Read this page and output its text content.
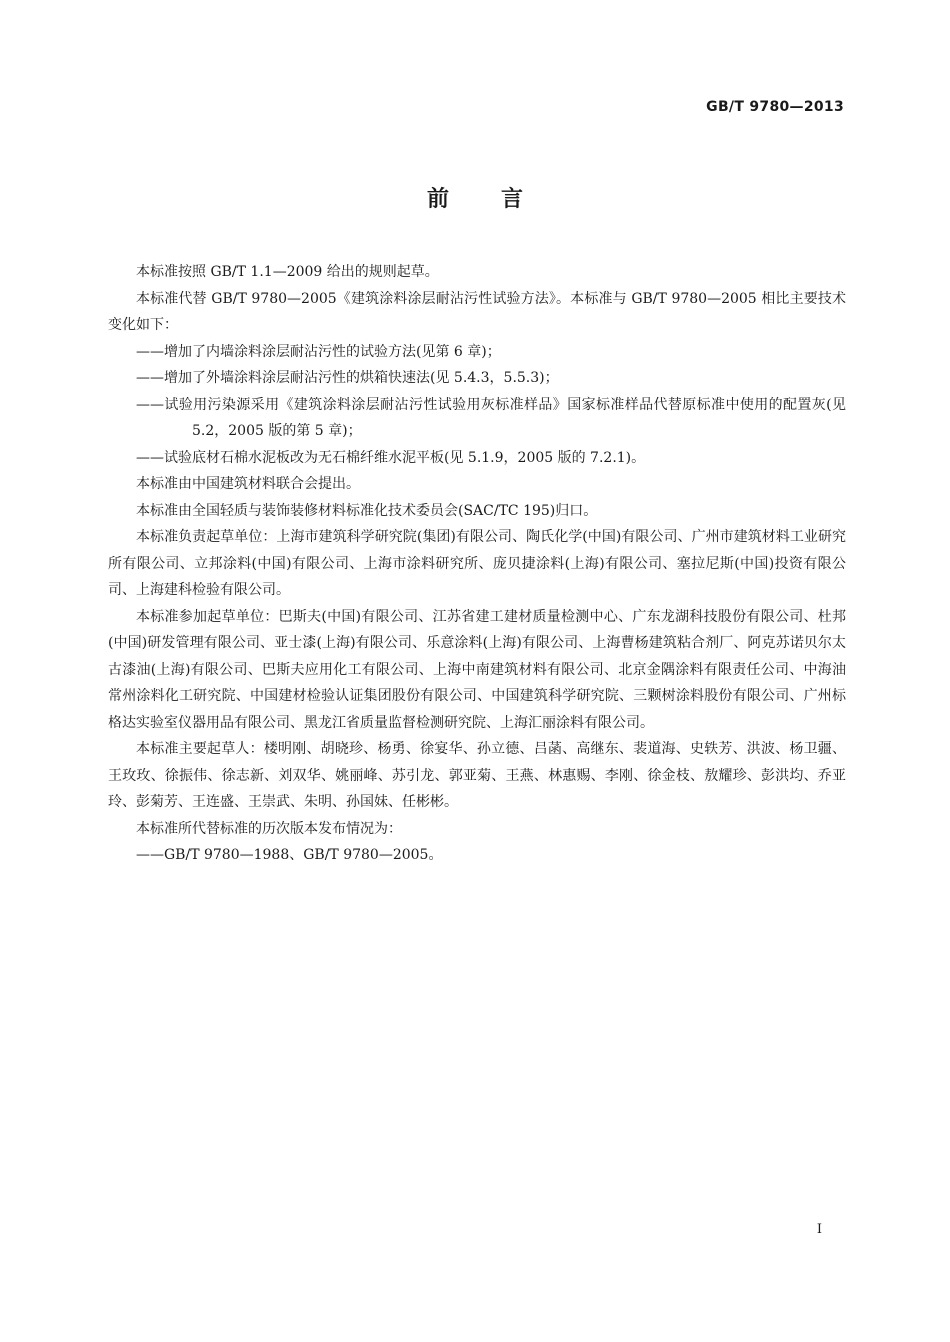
GB/T 9780—2013
前言

本标准按照 GB/T 1.1—2009 给出的规则起草。

本标准代替 GB/T 9780—2005《建筑涂料涂层耐沾污性试验方法》。本标准与 GB/T 9780—2005 相比主要技术变化如下：

——增加了内墙涂料涂层耐沾污性的试验方法(见第 6 章)；

——增加了外墙涂料涂层耐沾污性的烘箱快速法(见 5.4.3，5.5.3)；

——试验用污染源采用《建筑涂料涂层耐沾污性试验用灰标准样品》国家标准样品代替原标准中使用的配置灰(见 5.2，2005 版的第 5 章)；

——试验底材石棉水泥板改为无石棉纤维水泥平板(见 5.1.9，2005 版的 7.2.1)。

本标准由中国建筑材料联合会提出。

本标准由全国轻质与装饰装修材料标准化技术委员会(SAC/TC 195)归口。

本标准负责起草单位：上海市建筑科学研究院(集团)有限公司、陶氏化学(中国)有限公司、广州市建筑材料工业研究所有限公司、立邦涂料(中国)有限公司、上海市涂料研究所、庞贝捷涂料(上海)有限公司、塞拉尼斯(中国)投资有限公司、上海建科检验有限公司。

本标准参加起草单位：巴斯夫(中国)有限公司、江苏省建工建材质量检测中心、广东龙湖科技股份有限公司、杜邦(中国)研发管理有限公司、亚士漆(上海)有限公司、乐意涂料(上海)有限公司、上海曹杨建筑粘合剂厂、阿克苏诺贝尔太古漆油(上海)有限公司、巴斯夫应用化工有限公司、上海中南建筑材料有限公司、北京金隅涂料有限责任公司、中海油常州涂料化工研究院、中国建材检验认证集团股份有限公司、中国建筑科学研究院、三颗树涂料股份有限公司、广州标格达实验室仪器用品有限公司、黑龙江省质量监督检测研究院、上海汇丽涂料有限公司。

本标准主要起草人：楼明刚、胡晓珍、杨勇、徐宴华、孙立德、吕菡、高继东、裴道海、史轶芳、洪波、杨卫疆、王玫玫、徐振伟、徐志新、刘双华、姚丽峰、苏引龙、郭亚菊、王燕、林惠赐、李刚、徐金枝、敖耀珍、彭洪均、乔亚玲、彭菊芳、王连盛、王崇武、朱明、孙国妹、任彬彬。

本标准所代替标准的历次版本发布情况为：

——GB/T 9780—1988、GB/T 9780—2005。

I
